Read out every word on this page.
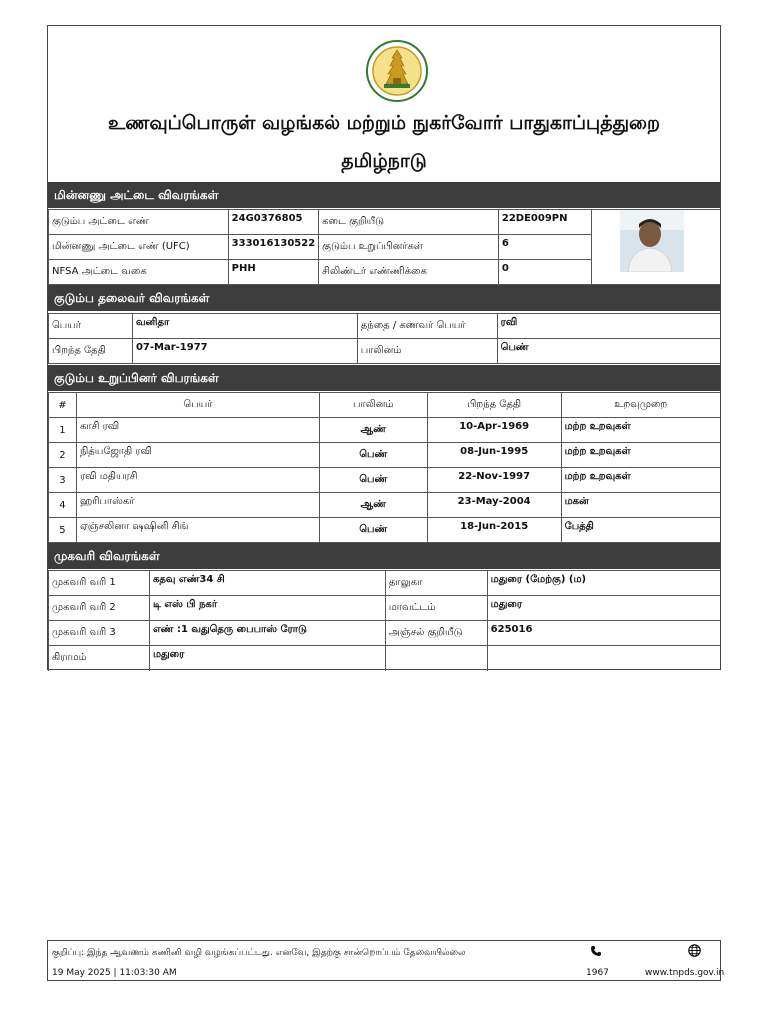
உணவுப்பொருள் வழங்கல் மற்றும் நுகர்வோர் பாதுகாப்புத்துறை
தமிழ்நாடு
மின்னணு அட்டை விவரங்கள்
குடும்ப அட்டை எண்	24G0376805	கடை குறியீடு	22DE009PN	
மின்னணு அட்டை எண் (UFC)	333016130522	குடும்ப உறுப்பினர்கள்	6	
NFSA அட்டை வகை	PHH	சிலிண்டர் எண்ணிக்கை	0	
குடும்ப தலைவர் விவரங்கள்
பெயர்	வனிதா	தந்தை / கணவர் பெயர்	ரவி
பிறந்த தேதி	07-Mar-1977	பாலினம்	பெண்
குடும்ப உறுப்பினர் விபரங்கள்
#	பெயர்	பாலினம்	பிறந்த தேதி	உறவுமுறை
1	காசி ரவி	ஆண்	10-Apr-1969	மற்ற உறவுகள்
2	நித்யஜோதி ரவி	பெண்	08-Jun-1995	மற்ற உறவுகள்
3	ரவி மதியரசி	பெண்	22-Nov-1997	மற்ற உறவுகள்
4	ஹரிபாஸ்கர்	ஆண்	23-May-2004	மகன்
5	ஏஞ்சலினா ஷஷினி சிங்	பெண்	18-Jun-2015	பேத்தி
முகவரி விவரங்கள்
முகவரி வரி 1	கதவு எண்34 சி	தாலுகா	மதுரை (மேற்கு) (ம)
முகவரி வரி 2	டி எஸ் பி நகர்	மாவட்டம்	மதுரை
முகவரி வரி 3	எண் :1 வதுதெரு பைபாஸ் ரோடு	அஞ்சல் குறியீடு	625016
கிராமம்	மதுரை		
குறிப்பு: இந்த ஆவணம் கணினி வழி வழங்கப்பட்டது. எனவே, இதற்கு சான்றொப்பம் தேவையில்லை
19 May 2025 | 11:03:30 AM	1967	www.tnpds.gov.in
